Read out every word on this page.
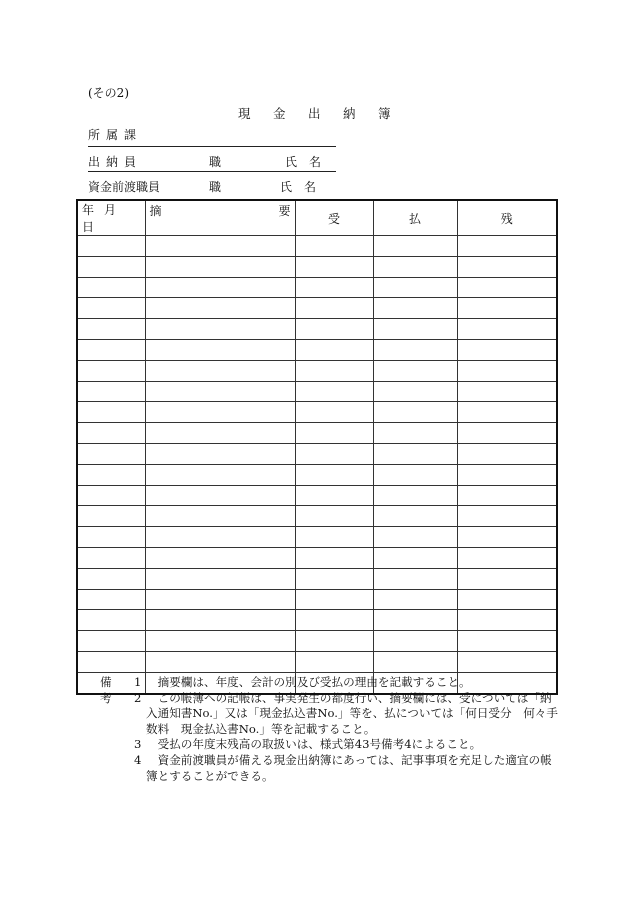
(その2)
現 金 出 納 簿
所 属 課
出 納 員	職	氏　名
資金前渡職員	職	氏　名
年 月日	摘 要	受	払	残

備考
1　 摘要欄は、年度、会計の別及び受払の理由を記載すること。
2　 この帳簿への記帳は、事実発生の都度行い、摘要欄には、受については「納
入通知書No.」又は「現金払込書No.」等を、払については「何日受分　何々手
数料　現金払込書No.」等を記載すること。
3　 受払の年度末残高の取扱いは、様式第43号備考4によること。
4　 資金前渡職員が備える現金出納簿にあっては、記事事項を充足した適宜の帳
簿とすることができる。
